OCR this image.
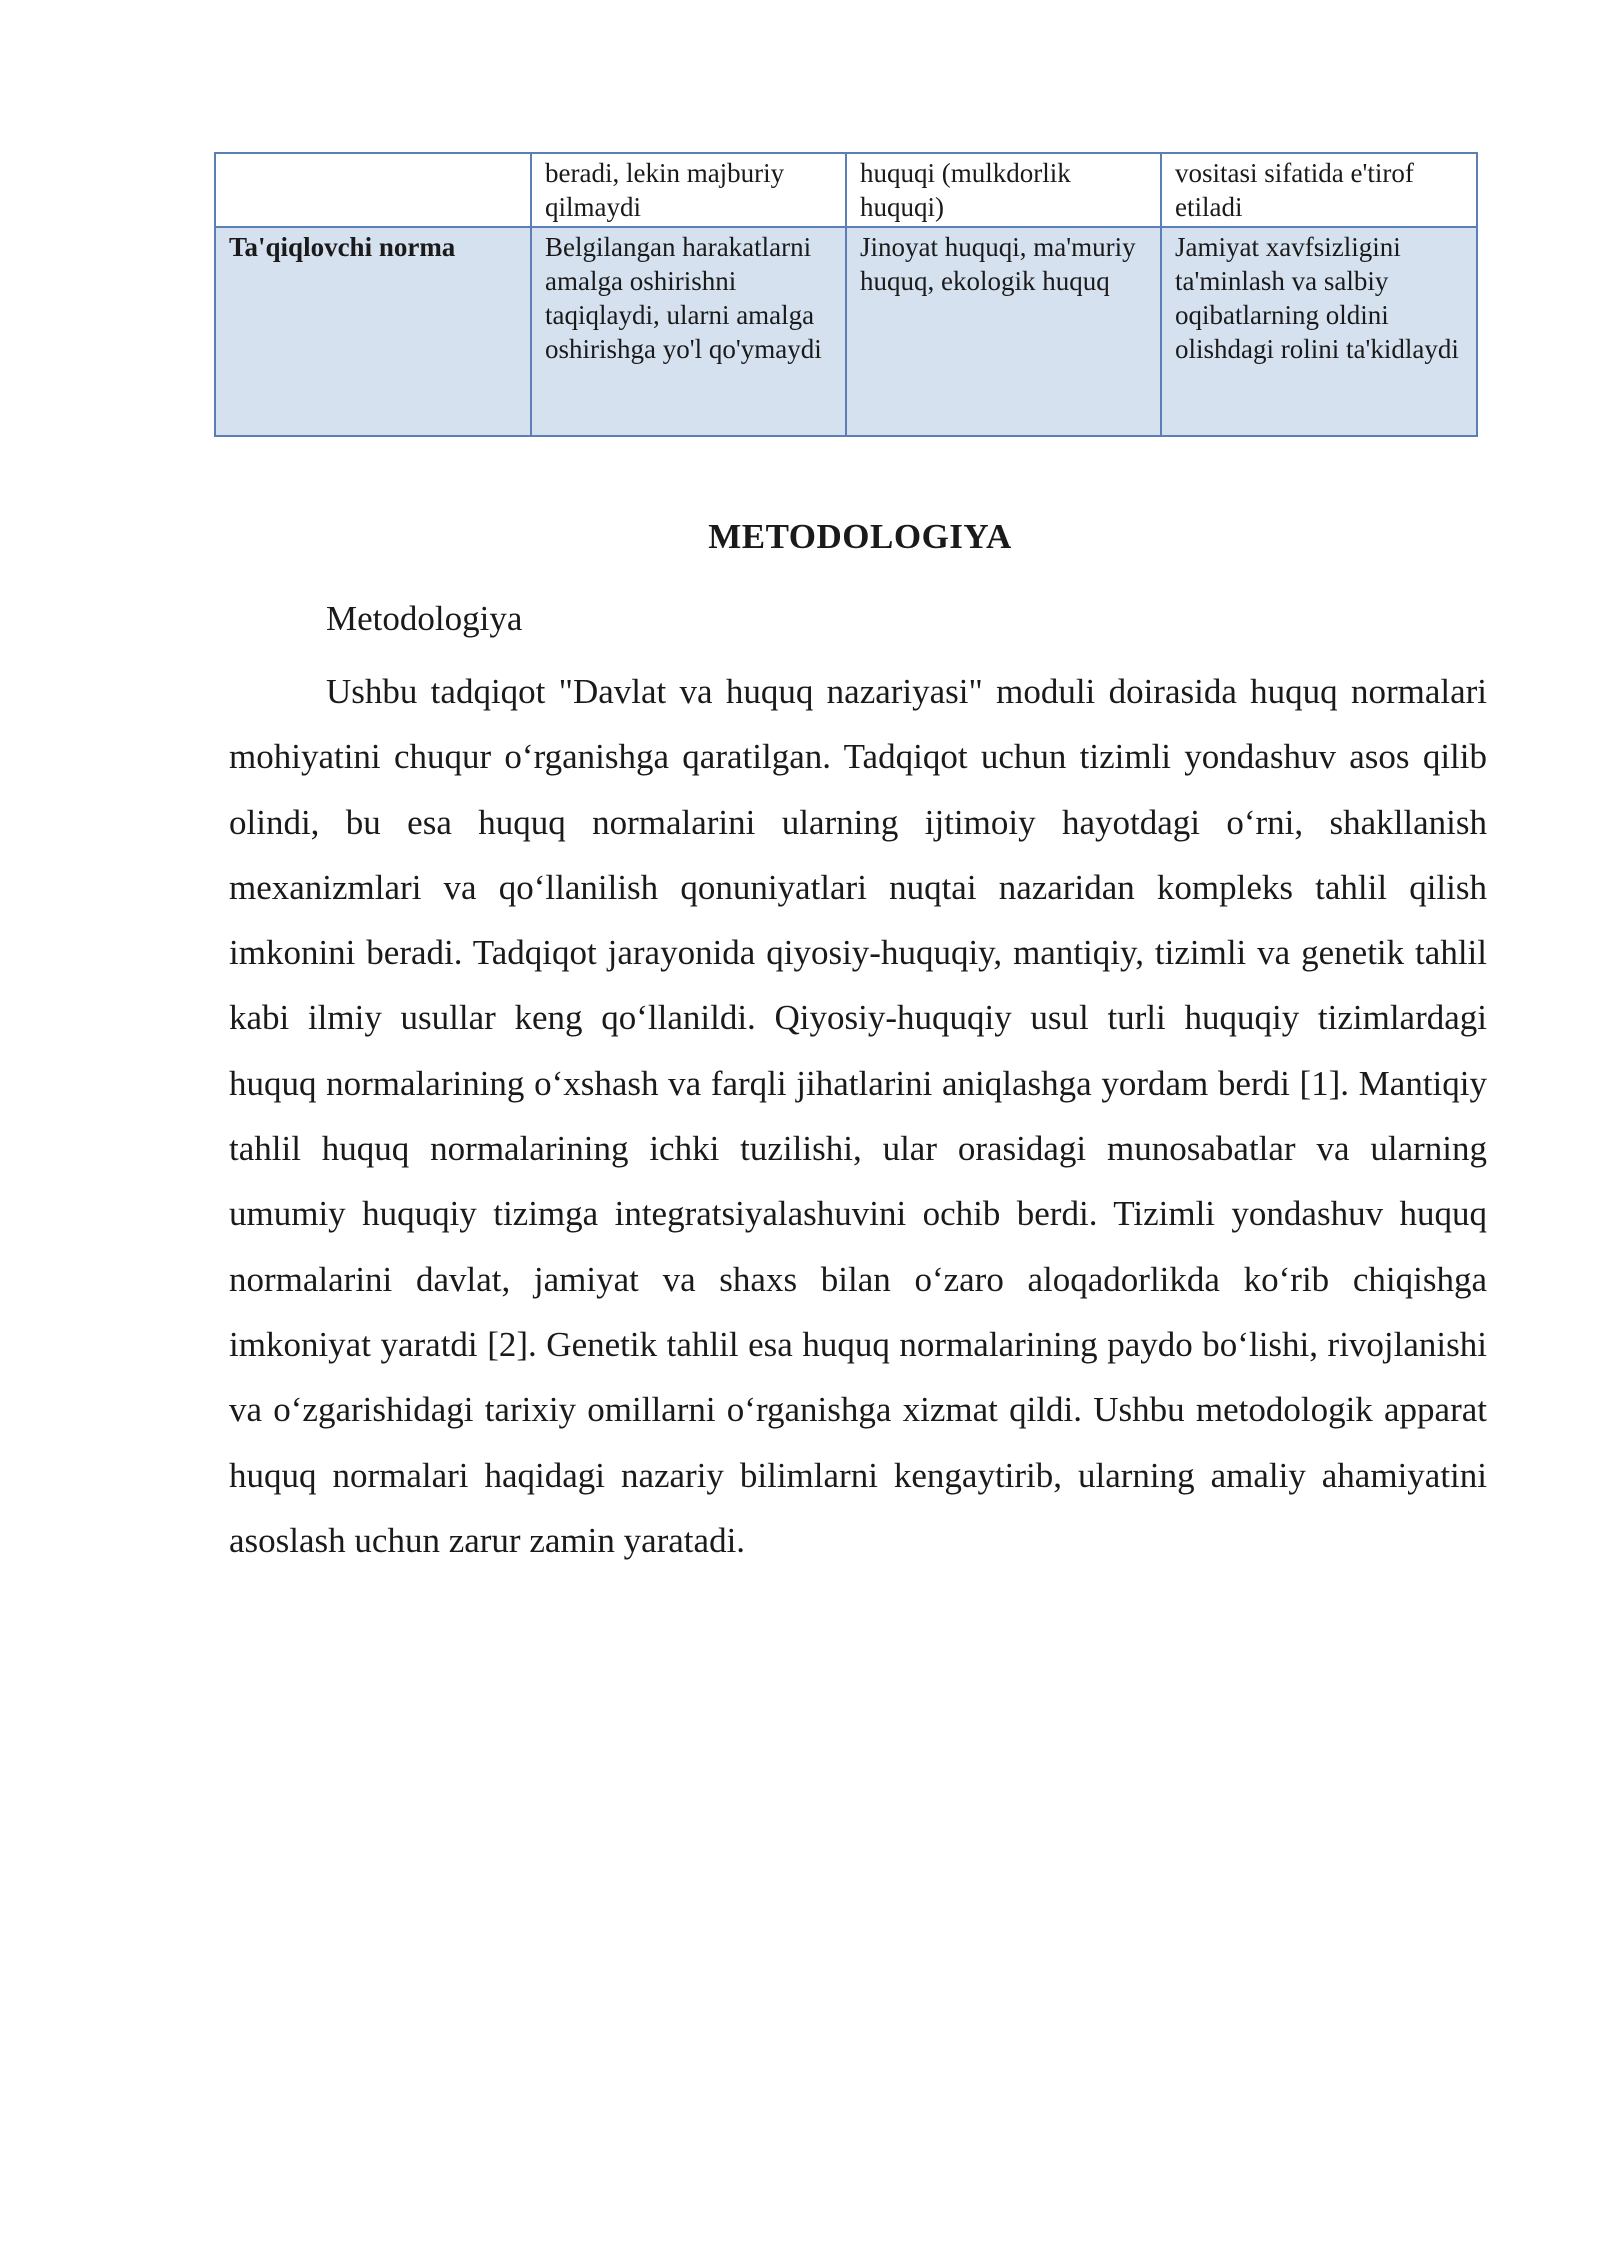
	beradi, lekin majburiy qilmaydi	huquqi (mulkdorlik huquqi)	vositasi sifatida e'tirof etiladi
Ta'qiqlovchi norma	Belgilangan harakatlarni amalga oshirishni taqiqlaydi, ularni amalga oshirishga yo'l qo'ymaydi	Jinoyat huquqi, ma'muriy huquq, ekologik huquq	Jamiyat xavfsizligini ta'minlash va salbiy oqibatlarning oldini olishdagi rolini ta'kidlaydi
METODOLOGIYA
Metodologiya

Ushbu tadqiqot "Davlat va huquq nazariyasi" moduli doirasida huquq normalari mohiyatini chuqur o‘rganishga qaratilgan. Tadqiqot uchun tizimli yondashuv asos qilib olindi, bu esa huquq normalarini ularning ijtimoiy hayotdagi o‘rni, shakllanish mexanizmlari va qo‘llanilish qonuniyatlari nuqtai nazaridan kompleks tahlil qilish imkonini beradi. Tadqiqot jarayonida qiyosiy-huquqiy, mantiqiy, tizimli va genetik tahlil kabi ilmiy usullar keng qo‘llanildi. Qiyosiy-huquqiy usul turli huquqiy tizimlardagi huquq normalarining o‘xshash va farqli jihatlarini aniqlashga yordam berdi [1]. Mantiqiy tahlil huquq normalarining ichki tuzilishi, ular orasidagi munosabatlar va ularning umumiy huquqiy tizimga integratsiyalashuvini ochib berdi. Tizimli yondashuv huquq normalarini davlat, jamiyat va shaxs bilan o‘zaro aloqadorlikda ko‘rib chiqishga imkoniyat yaratdi [2]. Genetik tahlil esa huquq normalarining paydo bo‘lishi, rivojlanishi va o‘zgarishidagi tarixiy omillarni o‘rganishga xizmat qildi. Ushbu metodologik apparat huquq normalari haqidagi nazariy bilimlarni kengaytirib, ularning amaliy ahamiyatini asoslash uchun zarur zamin yaratadi.
